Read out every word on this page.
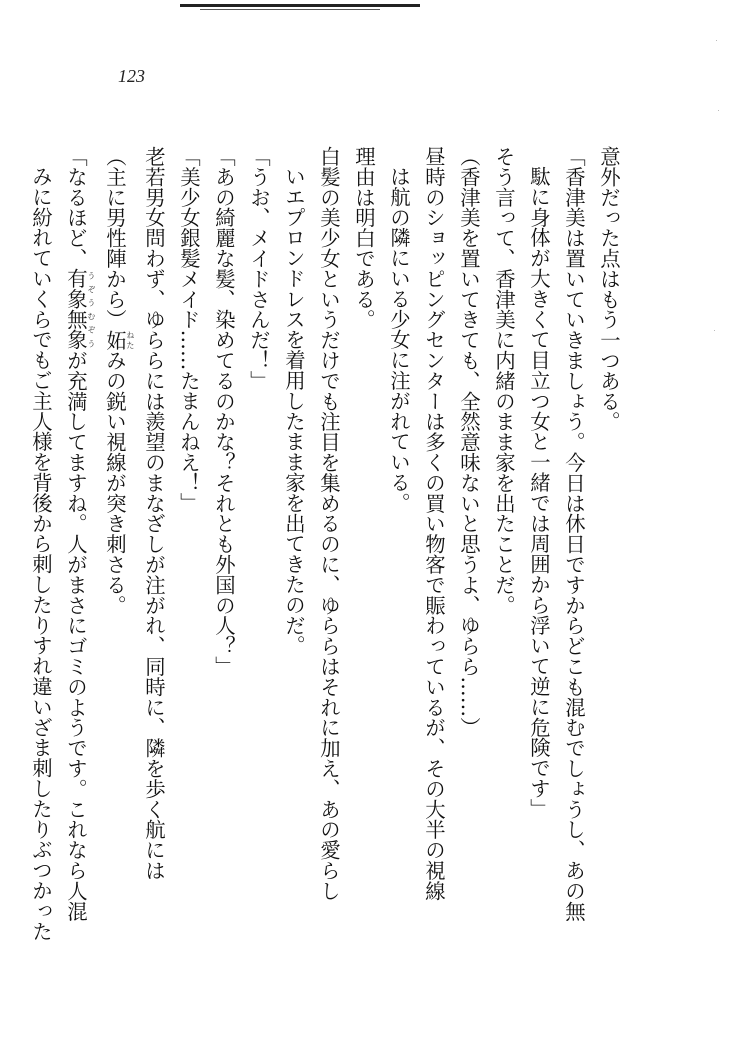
123
意外だった点はもう一つある。
「香津美は置いていきましょう。今日は休日ですからどこも混むでしょうし、あの無
駄に身体が大きくて目立つ女と一緒では周囲から浮いて逆に危険です」
そう言って、香津美に内緒のまま家を出たことだ。
（香津美を置いてきても、全然意味ないと思うよ、ゆらら……）
昼時のショッピングセンターは多くの買い物客で賑わっているが、その大半の視線
は航の隣にいる少女に注がれている。
理由は明白である。
白髪の美少女というだけでも注目を集めるのに、ゆららはそれに加え、あの愛らし
いエプロンドレスを着用したまま家を出てきたのだ。
「うお、メイドさんだ！」
「あの綺麗な髪、染めてるのかな？それとも外国の人？」
「美少女銀髪メイド……たまんねえ！」
老若男女問わず、ゆららには羨望のまなざしが注がれ、同時に、隣を歩く航には
（主に男性陣から）妬 ねたみの鋭い視線が突き刺さる。
「なるほど、有象無象 うぞうむぞうが充満してますね。人がまさにゴミのようです。これなら人混
みに紛れていくらでもご主人様を背後から刺したりすれ違いざま刺したりぶつかった
